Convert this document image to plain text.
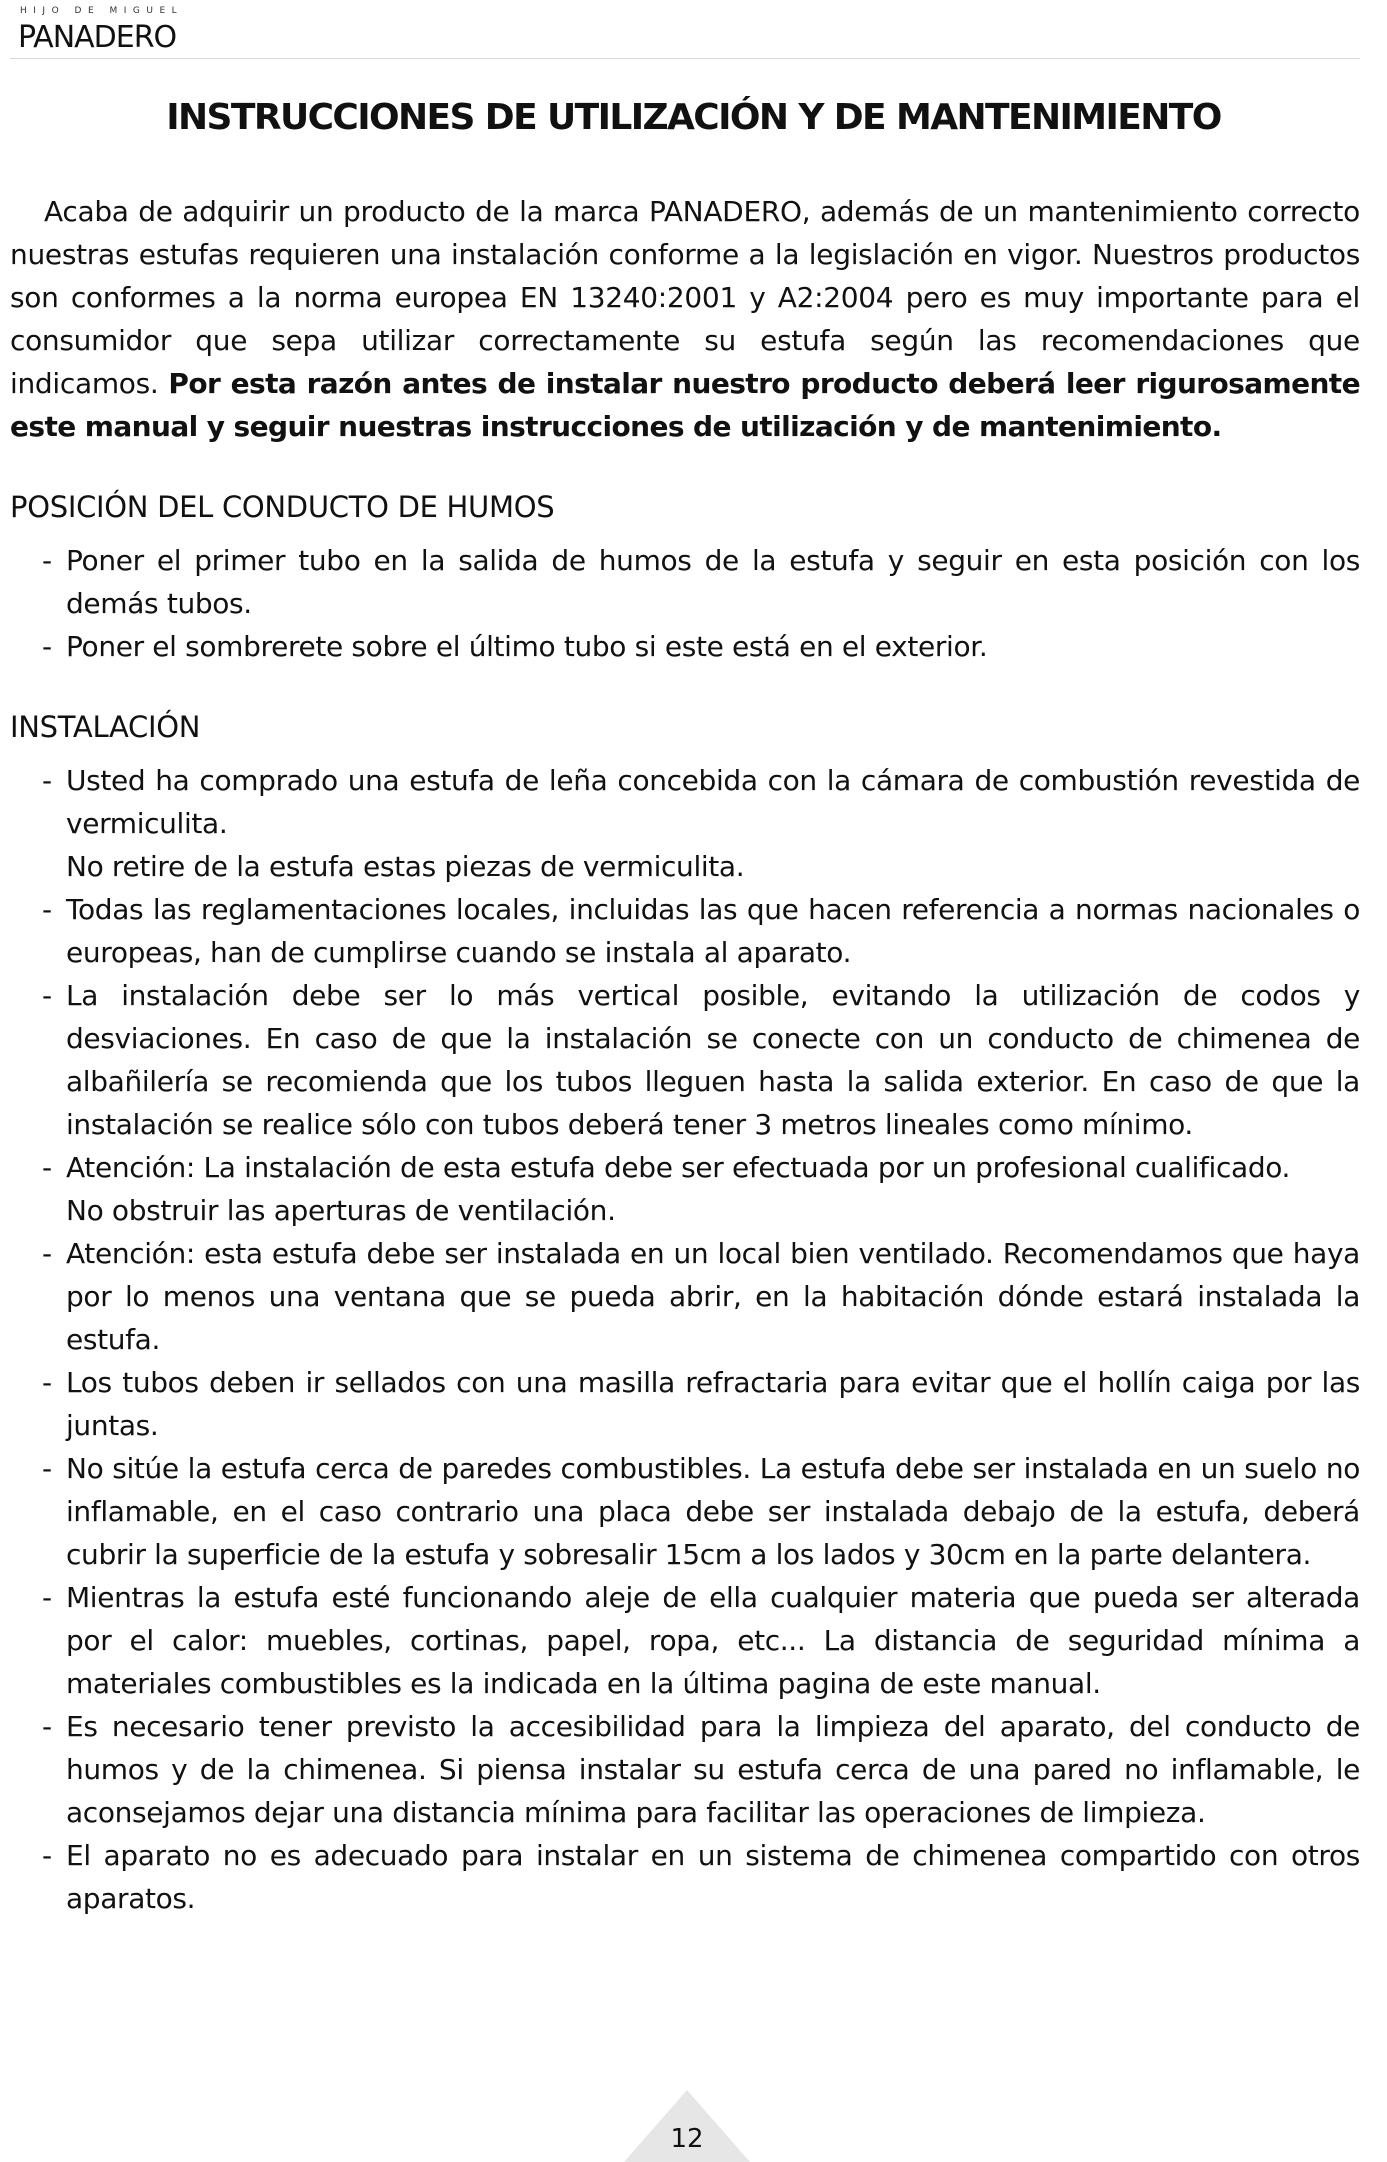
HIJO DE MIGUEL
PANADERO
INSTRUCCIONES DE UTILIZACIÓN Y DE MANTENIMIENTO

Acaba de adquirir un producto de la marca PANADERO, además de un mantenimiento correcto nuestras estufas requieren una instalación conforme a la legislación en vigor. Nuestros productos son conformes a la norma europea EN 13240:2001 y A2:2004 pero es muy importante para el consumidor que sepa utilizar correctamente su estufa según las recomendaciones que indicamos. Por esta razón antes de instalar nuestro producto deberá leer rigurosamente este manual y seguir nuestras instrucciones de utilización y de mantenimiento.

POSICIÓN DEL CONDUCTO DE HUMOS
- Poner el primer tubo en la salida de humos de la estufa y seguir en esta posición con los demás tubos.
- Poner el sombrerete sobre el último tubo si este está en el exterior.
INSTALACIÓN
- Usted ha comprado una estufa de leña concebida con la cámara de combustión revestida de vermiculita.
No retire de la estufa estas piezas de vermiculita.
- Todas las reglamentaciones locales, incluidas las que hacen referencia a normas nacionales o europeas, han de cumplirse cuando se instala al aparato.
- La instalación debe ser lo más vertical posible, evitando la utilización de codos y desviaciones. En caso de que la instalación se conecte con un conducto de chimenea de albañilería se recomienda que los tubos lleguen hasta la salida exterior. En caso de que la instalación se realice sólo con tubos deberá tener 3 metros lineales como mínimo.
- Atención: La instalación de esta estufa debe ser efectuada por un profesional cualificado.
No obstruir las aperturas de ventilación.
- Atención: esta estufa debe ser instalada en un local bien ventilado. Recomendamos que haya por lo menos una ventana que se pueda abrir, en la habitación dónde estará instalada la estufa.
- Los tubos deben ir sellados con una masilla refractaria para evitar que el hollín caiga por las juntas.
- No sitúe la estufa cerca de paredes combustibles. La estufa debe ser instalada en un suelo no inflamable, en el caso contrario una placa debe ser instalada debajo de la estufa, deberá cubrir la superficie de la estufa y sobresalir 15cm a los lados y 30cm en la parte delantera.
- Mientras la estufa esté funcionando aleje de ella cualquier materia que pueda ser alterada por el calor: muebles, cortinas, papel, ropa, etc... La distancia de seguridad mínima a materiales combustibles es la indicada en la última pagina de este manual.
- Es necesario tener previsto la accesibilidad para la limpieza del aparato, del conducto de humos y de la chimenea. Si piensa instalar su estufa cerca de una pared no inflamable, le aconsejamos dejar una distancia mínima para facilitar las operaciones de limpieza.
- El aparato no es adecuado para instalar en un sistema de chimenea compartido con otros aparatos.
12
